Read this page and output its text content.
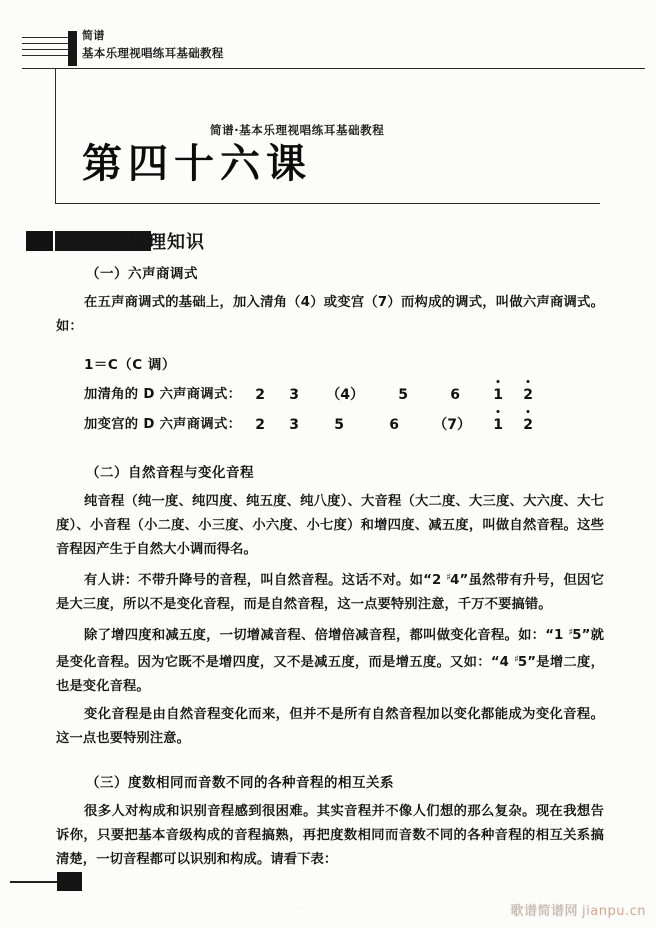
简谱
基本乐理视唱练耳基础教程
简谱·基本乐理视唱练耳基础教程
第四十六课
乐理知识
（一）六声商调式

在五声商调式的基础上，加入清角（4）或变宫（7）而构成的调式，叫做六声商调式。如：

1＝C（C 调）
加清角的 D 六声商调式：	2	3	（4）	5	6	1	2
加变宫的 D 六声商调式：	2	3	5	6	（7）	1	2
（二）自然音程与变化音程

纯音程（纯一度、纯四度、纯五度、纯八度）、大音程（大二度、大三度、大六度、大七度）、小音程（小二度、小三度、小六度、小七度）和增四度、减五度，叫做自然音程。这些音程因产生于自然大小调而得名。

有人讲：不带升降号的音程，叫自然音程。这话不对。如“2 ♯4”虽然带有升号，但因它是大三度，所以不是变化音程，而是自然音程，这一点要特别注意，千万不要搞错。

除了增四度和减五度，一切增减音程、倍增倍减音程，都叫做变化音程。如：“1 ♯5”就是变化音程。因为它既不是增四度，又不是减五度，而是增五度。又如：“4 ♯5”是增二度，也是变化音程。

变化音程是由自然音程变化而来，但并不是所有自然音程加以变化都能成为变化音程。这一点也要特别注意。

（三）度数相同而音数不同的各种音程的相互关系

很多人对构成和识别音程感到很困难。其实音程并不像人们想的那么复杂。现在我想告诉你，只要把基本音级构成的音程搞熟，再把度数相同而音数不同的各种音程的相互关系搞清楚，一切音程都可以识别和构成。请看下表：

歌谱简谱网 jianpu.cn
